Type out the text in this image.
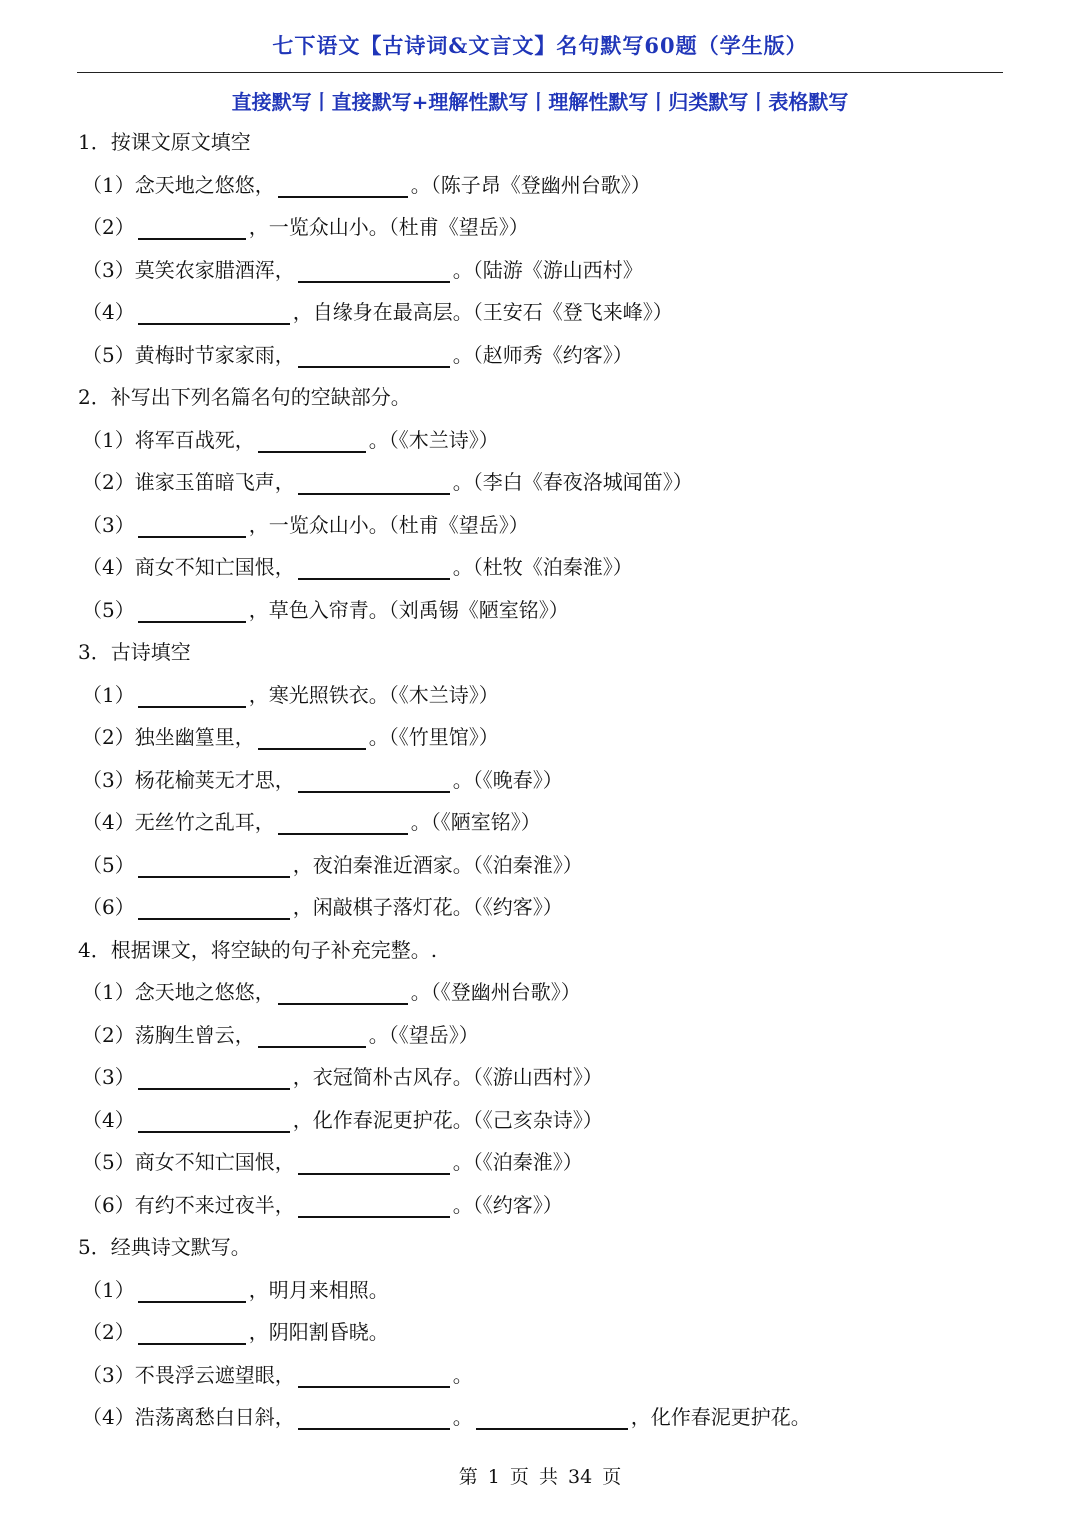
七下语文【古诗词&文言文】名句默写60题（学生版）
直接默写丨直接默写+理解性默写丨理解性默写丨归类默写丨表格默写
1．按课文原文填空
（1）念天地之悠悠，	。（陈子昂《登幽州台歌》）
（2）	，一览众山小。（杜甫《望岳》）
（3）莫笑农家腊酒浑，	。（陆游《游山西村》
（4）	，自缘身在最高层。（王安石《登飞来峰》）
（5）黄梅时节家家雨，	。（赵师秀《约客》）
2．补写出下列名篇名句的空缺部分。
（1）将军百战死，	。（《木兰诗》）
（2）谁家玉笛暗飞声，	。（李白《春夜洛城闻笛》）
（3）	，一览众山小。（杜甫《望岳》）
（4）商女不知亡国恨，	。（杜牧《泊秦淮》）
（5）	，草色入帘青。（刘禹锡《陋室铭》）
3．古诗填空
（1）	，寒光照铁衣。（《木兰诗》）
（2）独坐幽篁里，	。（《竹里馆》）
（3）杨花榆荚无才思，	。（《晚春》）
（4）无丝竹之乱耳，	。（《陋室铭》）
（5）	，夜泊秦淮近酒家。（《泊秦淮》）
（6）	，闲敲棋子落灯花。（《约客》）
4．根据课文，将空缺的句子补充完整。.
（1）念天地之悠悠，	。（《登幽州台歌》）
（2）荡胸生曾云，	。（《望岳》）
（3）	，衣冠简朴古风存。（《游山西村》）
（4）	，化作春泥更护花。（《己亥杂诗》）
（5）商女不知亡国恨，	。（《泊秦淮》）
（6）有约不来过夜半，	。（《约客》）
5．经典诗文默写。
（1）	，明月来相照。
（2）	，阴阳割昏晓。
（3）不畏浮云遮望眼，	。
（4）浩荡离愁白日斜，	。	，化作春泥更护花。
第 1 页 共 34 页
